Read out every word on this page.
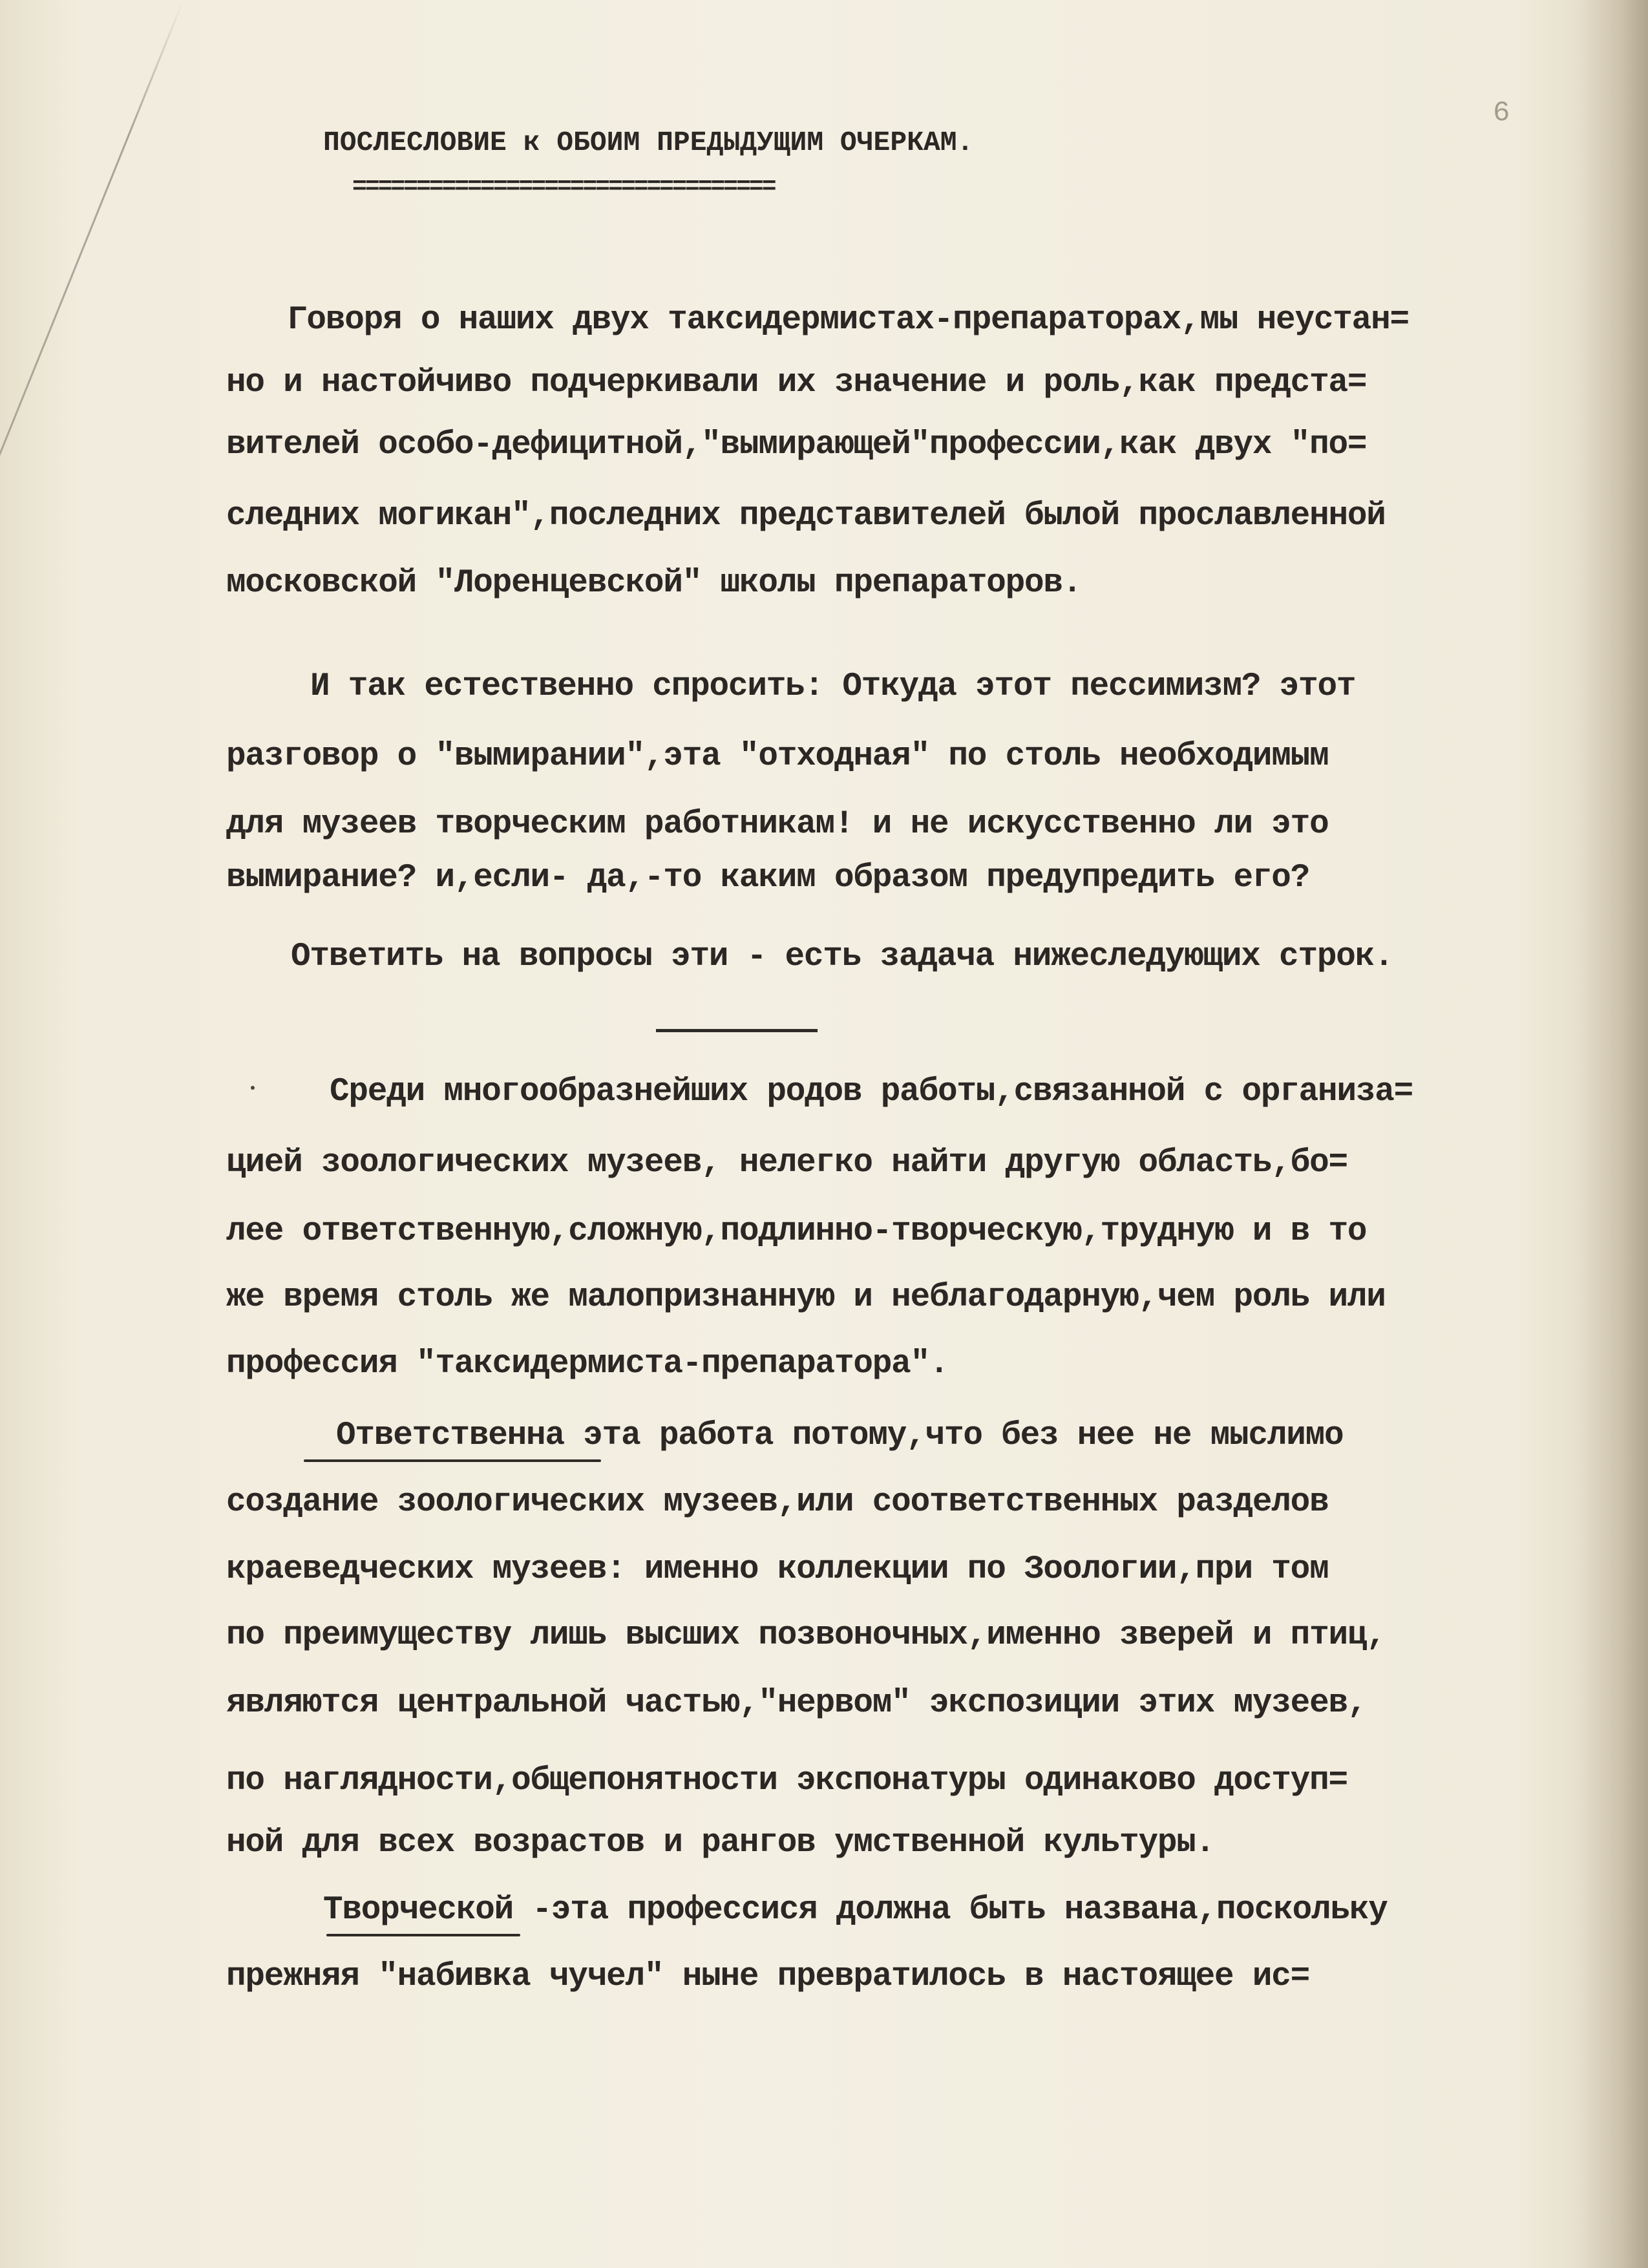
6
ПОСЛЕСЛОВИЕ к ОБОИМ ПРЕДЫДУЩИМ ОЧЕРКАМ.
=================================
Говоря о наших двух таксидермистах-препараторах,мы неустан=
но и настойчиво подчеркивали их значение и роль,как предста=
вителей особо-дефицитной,"вымирающей"профессии,как двух "по=
следних могикан",последних представителей былой прославленной
московской "Лоренцевской" школы препараторов.
И так естественно спросить: Откуда этот пессимизм? этот
разговор о "вымирании",эта "отходная" по столь необходимым
для музеев творческим работникам! и не искусственно ли это
вымирание? и,если- да,-то каким образом предупредить его?
Ответить на вопросы эти - есть задача нижеследующих строк.
Среди многообразнейших родов работы,связанной с организа=
цией зоологических музеев, нелегко найти другую область,бо=
лее ответственную,сложную,подлинно-творческую,трудную и в то
же время столь же малопризнанную и неблагодарную,чем роль или
профессия "таксидермиста-препаратора".
Ответственна эта работа потому,что без нее не мыслимо
создание зоологических музеев,или соответственных разделов
краеведческих музеев: именно коллекции по Зоологии,при том
по преимуществу лишь высших позвоночных,именно зверей и птиц,
являются центральной частью,"нервом" экспозиции этих музеев,
по наглядности,общепонятности экспонатуры одинаково доступ=
ной для всех возрастов и рангов умственной культуры.
Творческой -эта профессися должна быть названа,поскольку
прежняя "набивка чучел" ныне превратилось в настоящее ис=
